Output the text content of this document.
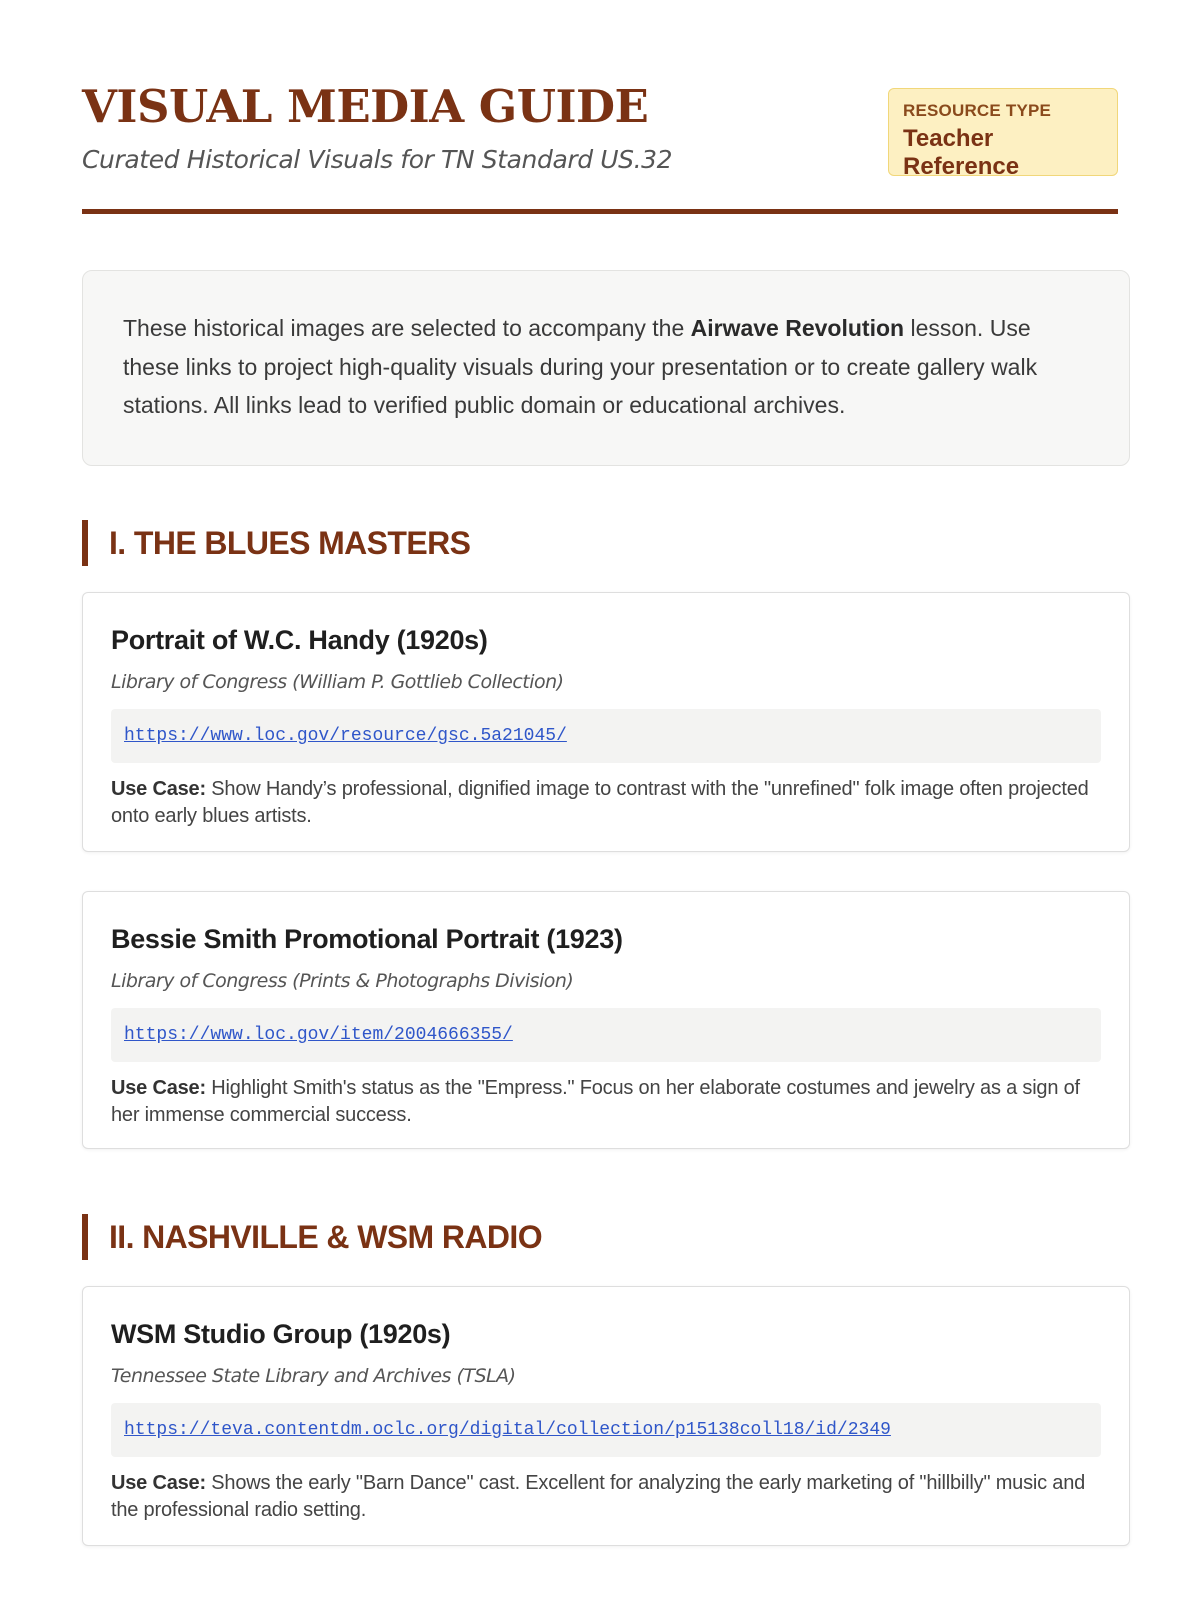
VISUAL MEDIA GUIDE
Curated Historical Visuals for TN Standard US.32
RESOURCE TYPE
Teacher Reference
These historical images are selected to accompany the Airwave Revolution lesson. Use these links to project high-quality visuals during your presentation or to create gallery walk stations. All links lead to verified public domain or educational archives.
I. THE BLUES MASTERS
Portrait of W.C. Handy (1920s)
Library of Congress (William P. Gottlieb Collection)
https://www.loc.gov/resource/gsc.5a21045/
Use Case: Show Handy’s professional, dignified image to contrast with the "unrefined" folk image often projected onto early blues artists.
Bessie Smith Promotional Portrait (1923)
Library of Congress (Prints & Photographs Division)
https://www.loc.gov/item/2004666355/
Use Case: Highlight Smith's status as the "Empress." Focus on her elaborate costumes and jewelry as a sign of her immense commercial success.
II. NASHVILLE & WSM RADIO
WSM Studio Group (1920s)
Tennessee State Library and Archives (TSLA)
https://teva.contentdm.oclc.org/digital/collection/p15138coll18/id/2349
Use Case: Shows the early "Barn Dance" cast. Excellent for analyzing the early marketing of "hillbilly" music and the professional radio setting.
